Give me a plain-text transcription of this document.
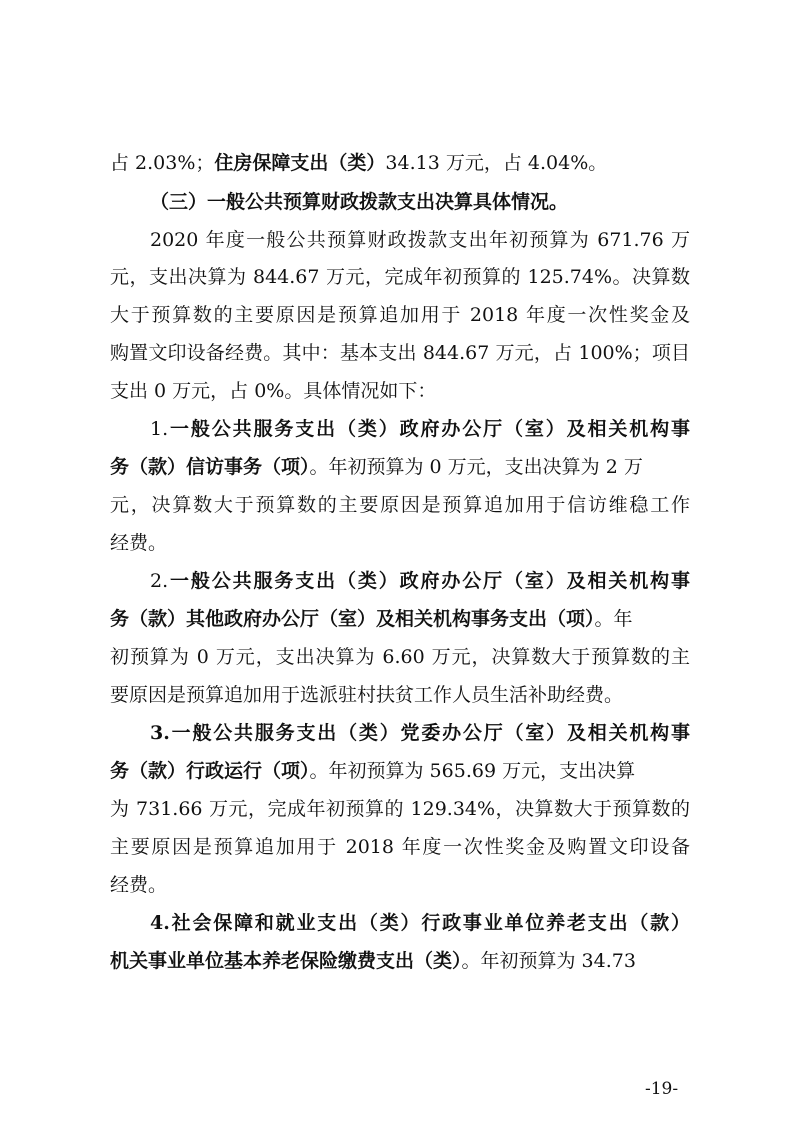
占 2.03%；住房保障支出（类）34.13 万元，占 4.04%。
（三）一般公共预算财政拨款支出决算具体情况。
2020 年度一般公共预算财政拨款支出年初预算为 671.76 万
元，支出决算为 844.67 万元，完成年初预算的 125.74%。决算数
大于预算数的主要原因是预算追加用于 2018 年度一次性奖金及
购置文印设备经费。其中：基本支出 844.67 万元，占 100%；项目
支出 0 万元，占 0%。具体情况如下：
1.一般公共服务支出（类）政府办公厅（室）及相关机构事
务（款）信访事务（项）。年初预算为 0 万元，支出决算为 2 万
元，决算数大于预算数的主要原因是预算追加用于信访维稳工作
经费。
2.一般公共服务支出（类）政府办公厅（室）及相关机构事
务（款）其他政府办公厅（室）及相关机构事务支出（项）。年
初预算为 0 万元，支出决算为 6.60 万元，决算数大于预算数的主
要原因是预算追加用于选派驻村扶贫工作人员生活补助经费。
3.一般公共服务支出（类）党委办公厅（室）及相关机构事
务（款）行政运行（项）。年初预算为 565.69 万元，支出决算
为 731.66 万元，完成年初预算的 129.34%，决算数大于预算数的
主要原因是预算追加用于 2018 年度一次性奖金及购置文印设备
经费。
4.社会保障和就业支出（类）行政事业单位养老支出（款）
机关事业单位基本养老保险缴费支出（类）。年初预算为 34.73
-19-
